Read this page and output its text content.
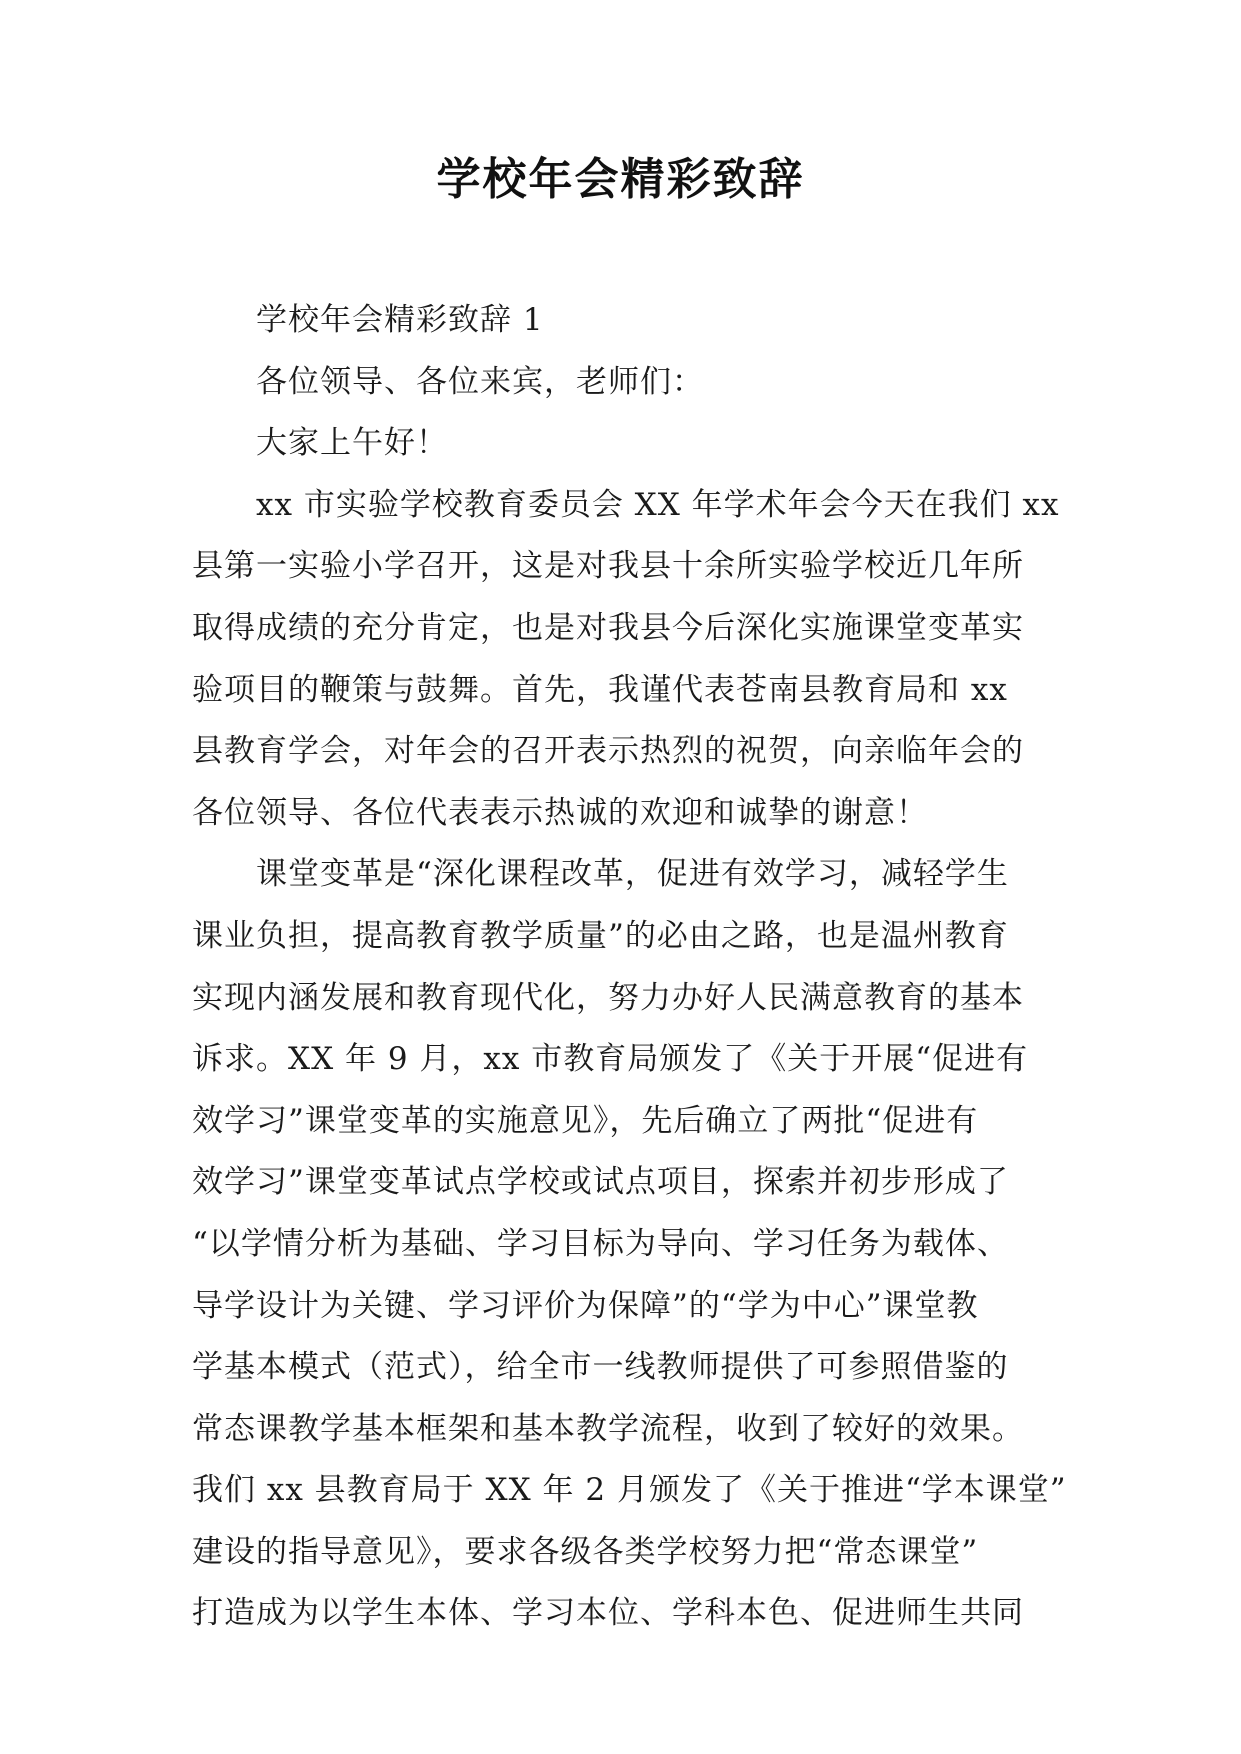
学校年会精彩致辞
学校年会精彩致辞 1
各位领导、各位来宾，老师们：
大家上午好！
xx 市实验学校教育委员会 XX 年学术年会今天在我们 xx
县第一实验小学召开，这是对我县十余所实验学校近几年所
取得成绩的充分肯定，也是对我县今后深化实施课堂变革实
验项目的鞭策与鼓舞。首先，我谨代表苍南县教育局和 xx
县教育学会，对年会的召开表示热烈的祝贺，向亲临年会的
各位领导、各位代表表示热诚的欢迎和诚挚的谢意！
课堂变革是“深化课程改革，促进有效学习，减轻学生
课业负担，提高教育教学质量”的必由之路，也是温州教育
实现内涵发展和教育现代化，努力办好人民满意教育的基本
诉求。XX 年 9 月，xx 市教育局颁发了《关于开展“促进有
效学习”课堂变革的实施意见》，先后确立了两批“促进有
效学习”课堂变革试点学校或试点项目，探索并初步形成了
“以学情分析为基础、学习目标为导向、学习任务为载体、
导学设计为关键、学习评价为保障”的“学为中心”课堂教
学基本模式（范式），给全市一线教师提供了可参照借鉴的
常态课教学基本框架和基本教学流程，收到了较好的效果。
我们 xx 县教育局于 XX 年 2 月颁发了《关于推进“学本课堂”
建设的指导意见》，要求各级各类学校努力把“常态课堂”
打造成为以学生本体、学习本位、学科本色、促进师生共同
